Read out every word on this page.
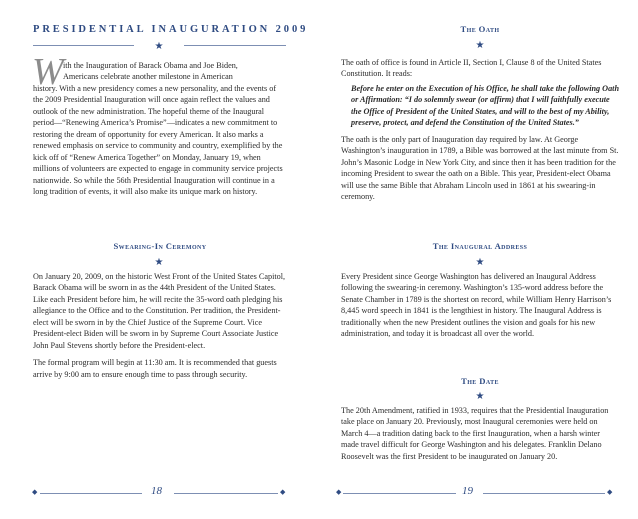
PRESIDENTIAL INAUGURATION 2009
★
W ith the Inauguration of Barack Obama and Joe Biden,

Americans celebrate another milestone in American

history. With a new presidency comes a new personality, and the events of the 2009 Presidential Inauguration will once again reflect the values and outlook of the new administration. The hopeful theme of the Inaugural period—“Renewing America’s Promise”—indicates a new commitment to restoring the dream of opportunity for every American. It also marks a renewed emphasis on service to community and country, exemplified by the kick off of “Renew America Together” on Monday, January 19, when millions of volunteers are expected to engage in community service projects nationwide. So while the 56th Presidential Inauguration will continue in a long tradition of events, it will also make its unique mark on history.

Swearing-In Ceremony
★

On January 20, 2009, on the historic West Front of the United States Capitol, Barack Obama will be sworn in as the 44th President of the United States. Like each President before him, he will recite the 35-word oath pledging his allegiance to the Office and to the Constitution. Per tradition, the President-elect will be sworn in by the Chief Justice of the Supreme Court. Vice President-elect Biden will be sworn in by Supreme Court Associate Justice John Paul Stevens shortly before the President-elect.

The formal program will begin at 11:30 am. It is recommended that guests arrive by 9:00 am to ensure enough time to pass through security.

◆	18	◆
The Oath
★

The oath of office is found in Article II, Section I, Clause 8 of the United States Constitution. It reads:

Before he enter on the Execution of his Office, he shall take the following Oath or Affirmation: “I do solemnly swear (or affirm) that I will faithfully execute the Office of President of the United States, and will to the best of my Ability, preserve, protect, and defend the Constitution of the United States.”

The oath is the only part of Inauguration day required by law. At George Washington’s inauguration in 1789, a Bible was borrowed at the last minute from St. John’s Masonic Lodge in New York City, and since then it has been tradition for the incoming President to swear the oath on a Bible. This year, President-elect Obama will use the same Bible that Abraham Lincoln used in 1861 at his swearing-in ceremony.

The Inaugural Address
★

Every President since George Washington has delivered an Inaugural Address following the swearing-in ceremony. Washington’s 135-word address before the Senate Chamber in 1789 is the shortest on record, while William Henry Harrison’s 8,445 word speech in 1841 is the lengthiest in history. The Inaugural Address is traditionally when the new President outlines the vision and goals for his new administration, and today it is broadcast all over the world.

The Date
★

The 20th Amendment, ratified in 1933, requires that the Presidential Inauguration take place on January 20. Previously, most Inaugural ceremonies were held on March 4—a tradition dating back to the first Inauguration, when a harsh winter made travel difficult for George Washington and his delegates. Franklin Delano Roosevelt was the first President to be inaugurated on January 20.

◆	19	◆
